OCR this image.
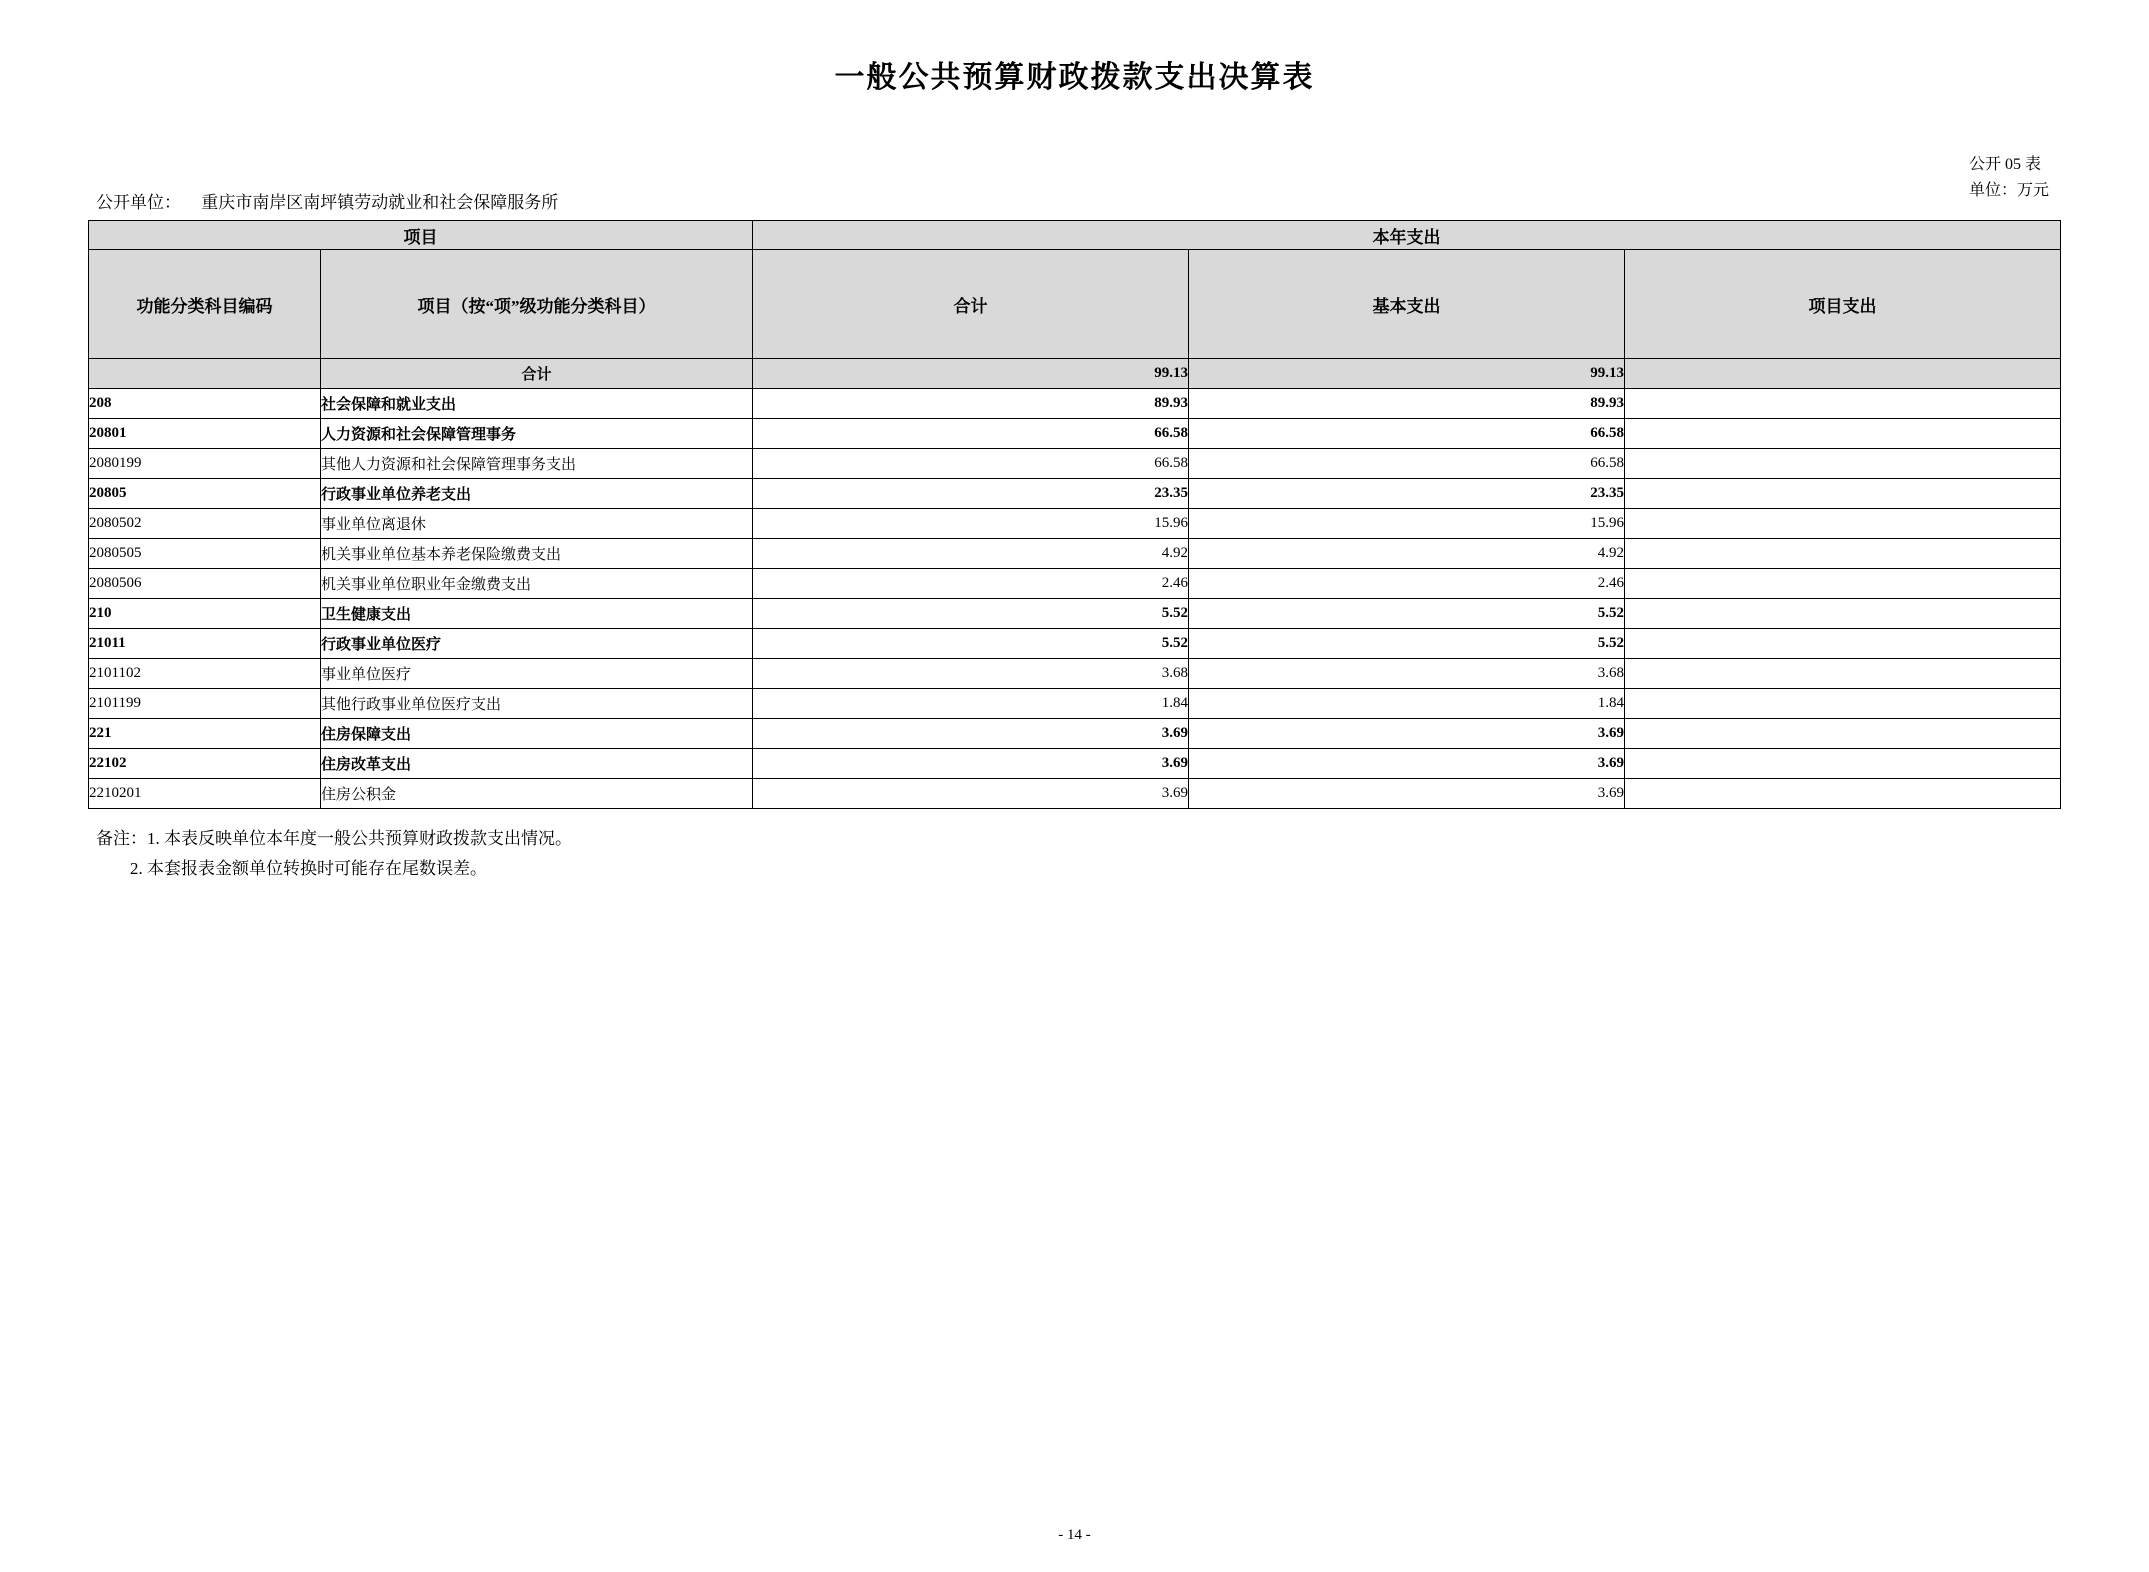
一般公共预算财政拨款支出决算表
公开 05 表
单位：万元
公开单位： 重庆市南岸区南坪镇劳动就业和社会保障服务所
项目		本年支出		
功能分类科目编码	项目（按“项”级功能分类科目）	合计	基本支出	项目支出
	合计	99.13	99.13	
208	社会保障和就业支出	89.93	89.93	
20801	人力资源和社会保障管理事务	66.58	66.58	
2080199	其他人力资源和社会保障管理事务支出	66.58	66.58	
20805	行政事业单位养老支出	23.35	23.35	
2080502	事业单位离退休	15.96	15.96	
2080505	机关事业单位基本养老保险缴费支出	4.92	4.92	
2080506	机关事业单位职业年金缴费支出	2.46	2.46	
210	卫生健康支出	5.52	5.52	
21011	行政事业单位医疗	5.52	5.52	
2101102	事业单位医疗	3.68	3.68	
2101199	其他行政事业单位医疗支出	1.84	1.84	
221	住房保障支出	3.69	3.69	
22102	住房改革支出	3.69	3.69	
2210201	住房公积金	3.69	3.69	
备注：1. 本表反映单位本年度一般公共预算财政拨款支出情况。
2. 本套报表金额单位转换时可能存在尾数误差。
- 14 -
